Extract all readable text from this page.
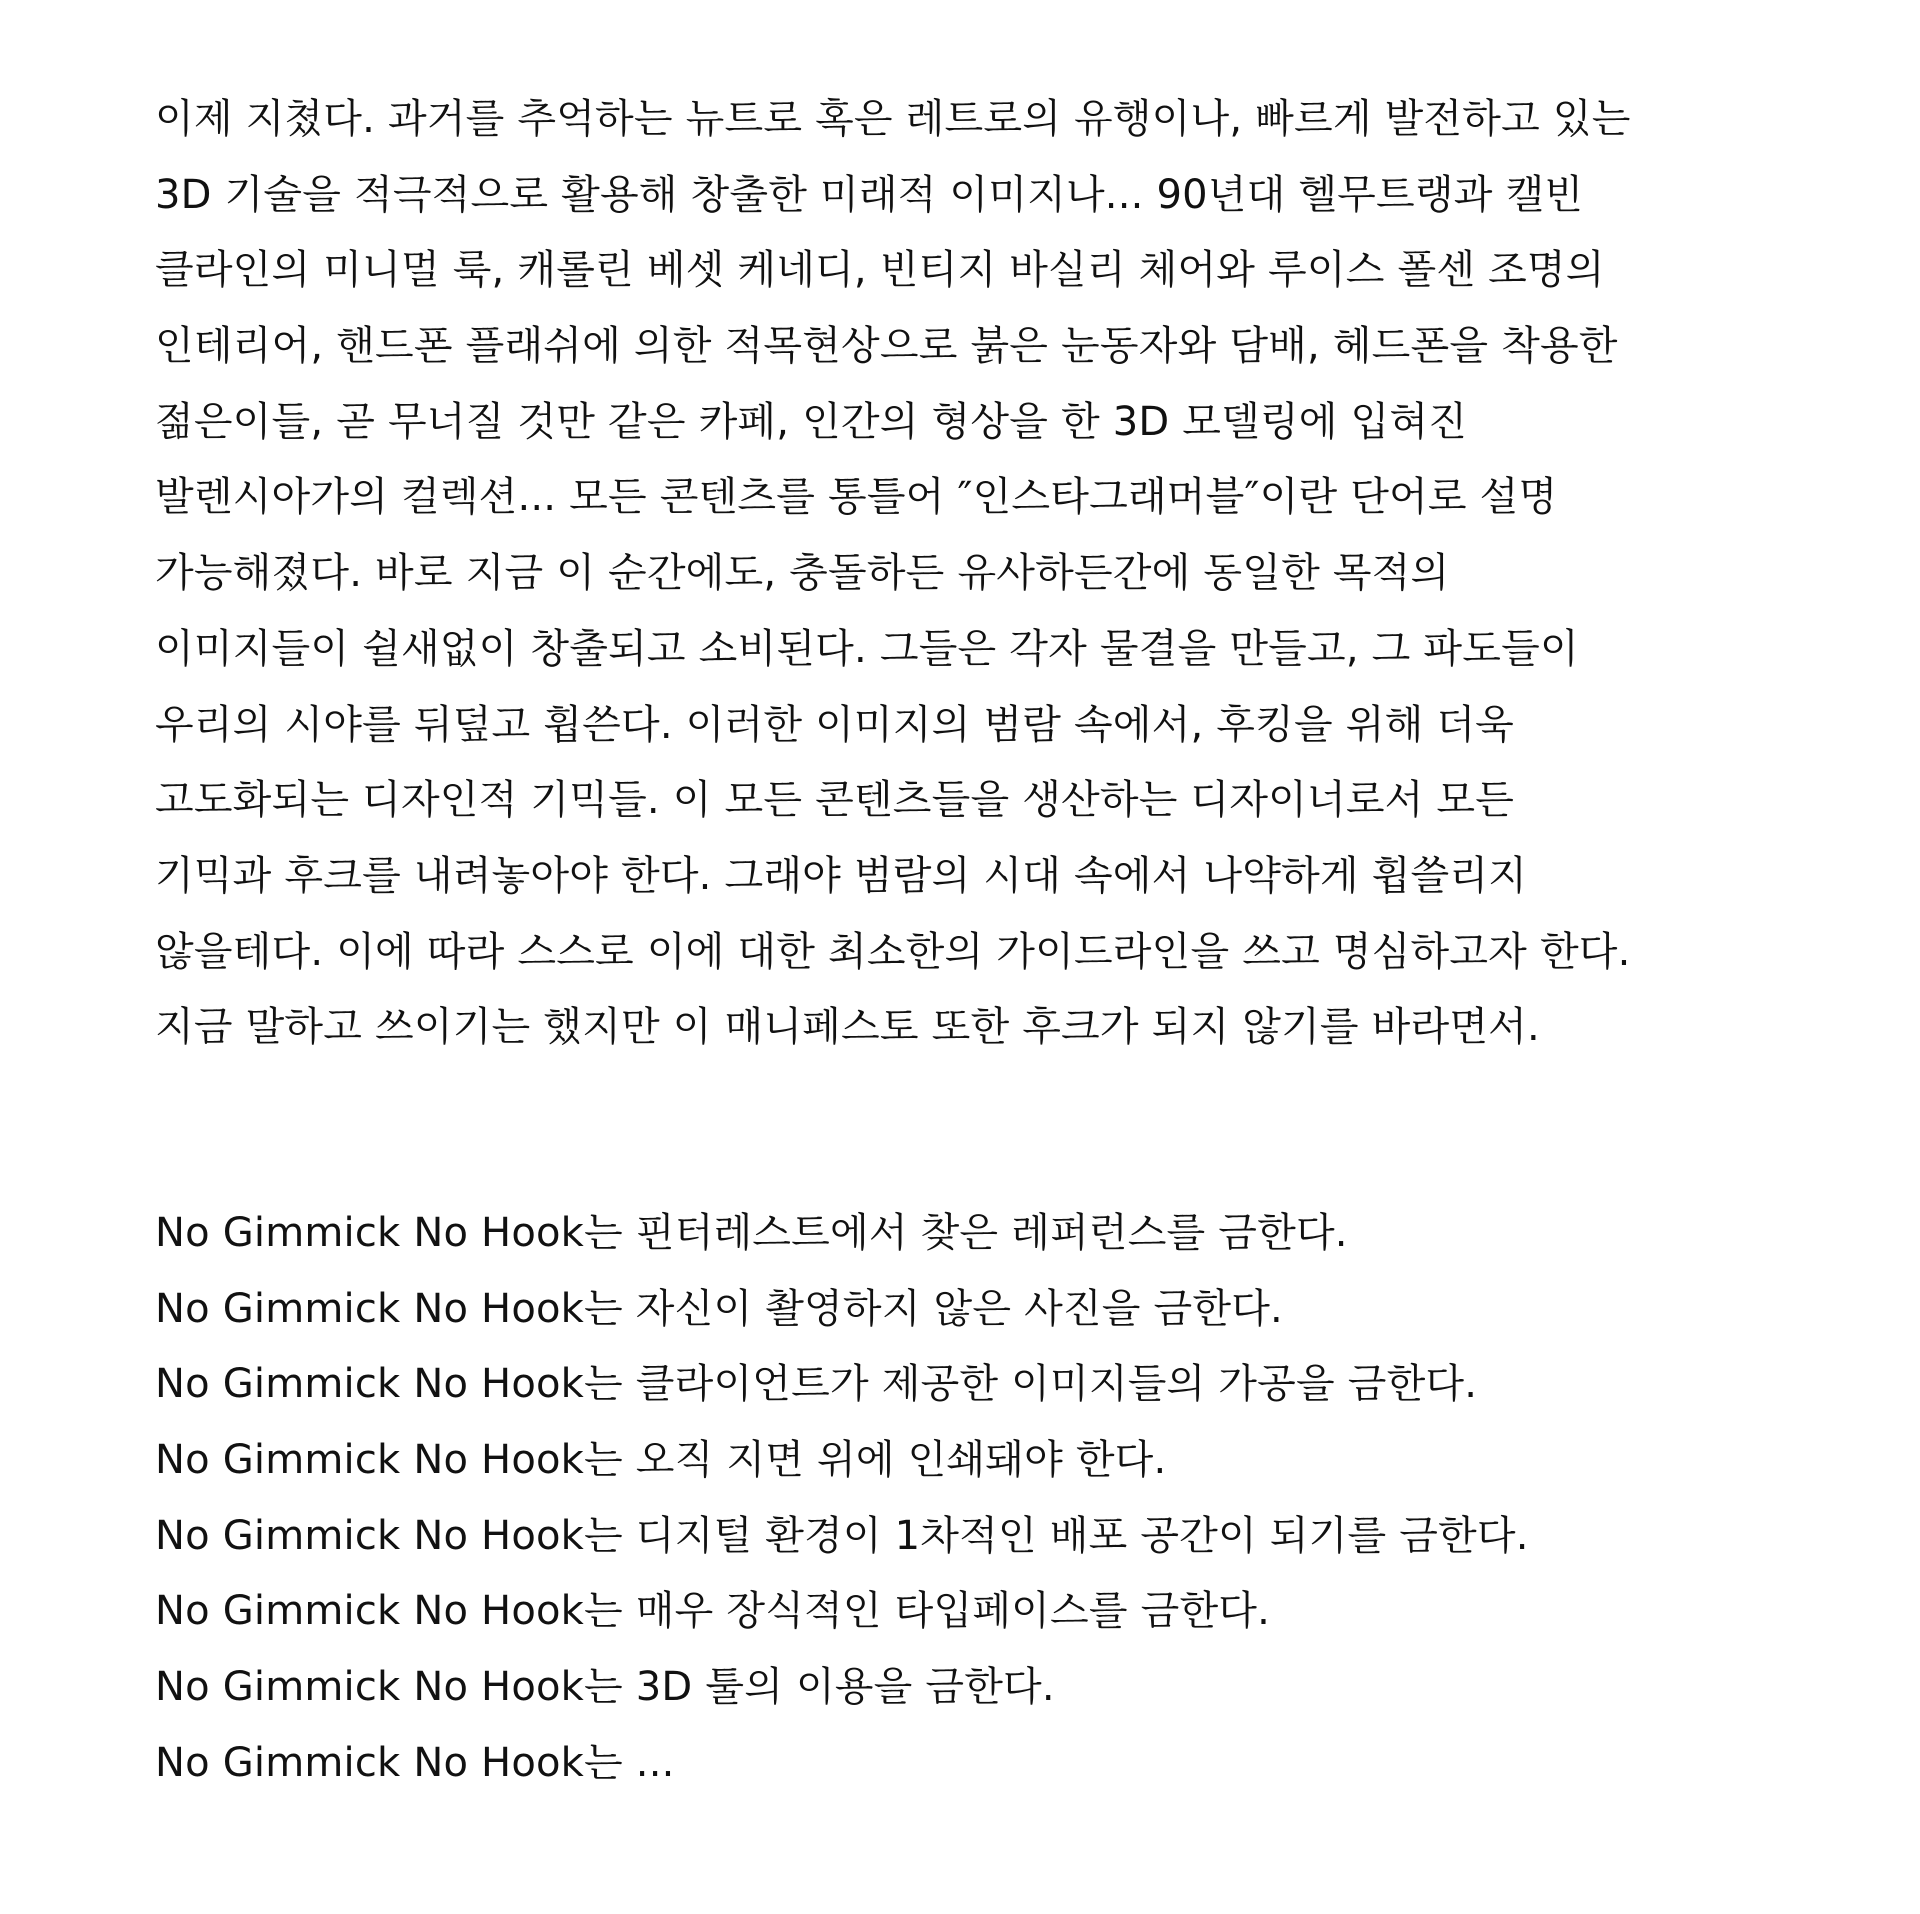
이제 지쳤다. 과거를 추억하는 뉴트로 혹은 레트로의 유행이나, 빠르게 발전하고 있는
3D 기술을 적극적으로 활용해 창출한 미래적 이미지나... 90년대 헬무트랭과 캘빈
클라인의 미니멀 룩, 캐롤린 베셋 케네디, 빈티지 바실리 체어와 루이스 폴센 조명의
인테리어, 핸드폰 플래쉬에 의한 적목현상으로 붉은 눈동자와 담배, 헤드폰을 착용한
젊은이들, 곧 무너질 것만 같은 카페, 인간의 형상을 한 3D 모델링에 입혀진
발렌시아가의 컬렉션... 모든 콘텐츠를 통틀어 ″인스타그래머블″이란 단어로 설명
가능해졌다. 바로 지금 이 순간에도, 충돌하든 유사하든간에 동일한 목적의
이미지들이 쉴새없이 창출되고 소비된다. 그들은 각자 물결을 만들고, 그 파도들이
우리의 시야를 뒤덮고 휩쓴다. 이러한 이미지의 범람 속에서, 후킹을 위해 더욱
고도화되는 디자인적 기믹들. 이 모든 콘텐츠들을 생산하는 디자이너로서 모든
기믹과 후크를 내려놓아야 한다. 그래야 범람의 시대 속에서 나약하게 휩쓸리지
않을테다. 이에 따라 스스로 이에 대한 최소한의 가이드라인을 쓰고 명심하고자 한다.
지금 말하고 쓰이기는 했지만 이 매니페스토 또한 후크가 되지 않기를 바라면서.
No Gimmick No Hook는 핀터레스트에서 찾은 레퍼런스를 금한다.
No Gimmick No Hook는 자신이 촬영하지 않은 사진을 금한다.
No Gimmick No Hook는 클라이언트가 제공한 이미지들의 가공을 금한다.
No Gimmick No Hook는 오직 지면 위에 인쇄돼야 한다.
No Gimmick No Hook는 디지털 환경이 1차적인 배포 공간이 되기를 금한다.
No Gimmick No Hook는 매우 장식적인 타입페이스를 금한다.
No Gimmick No Hook는 3D 툴의 이용을 금한다.
No Gimmick No Hook는 ...
